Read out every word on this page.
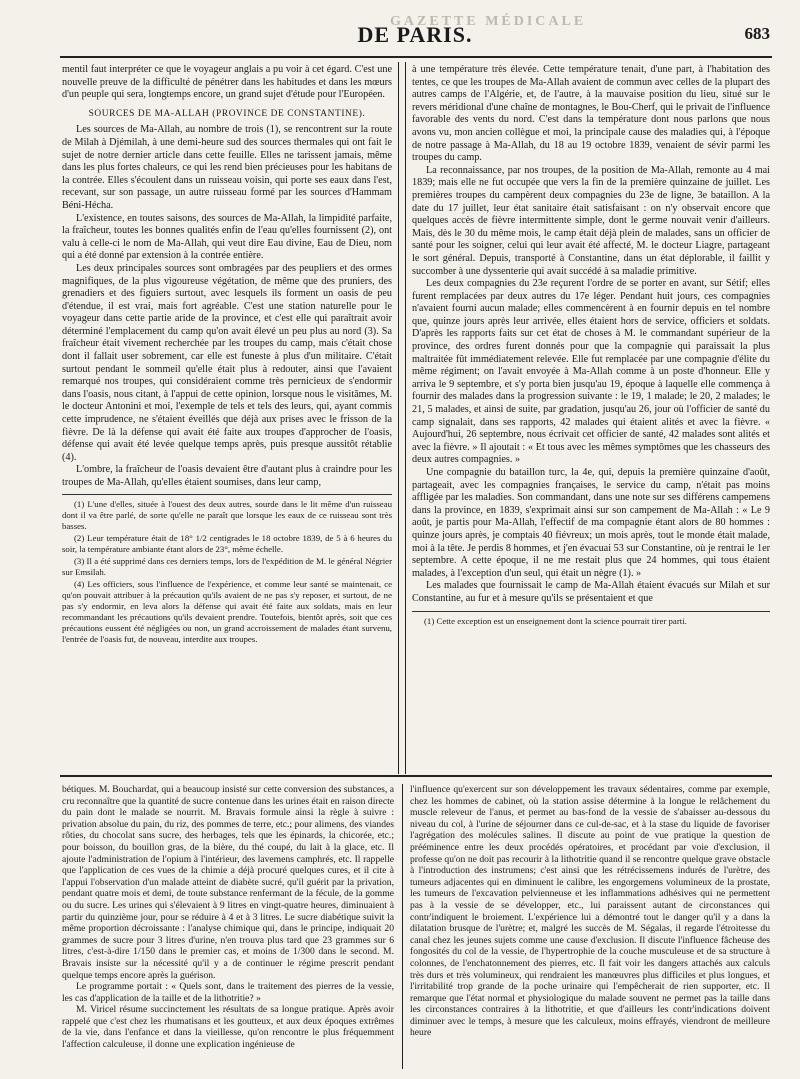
GAZETTE MÉDICALE
DE PARIS.	683

mentil faut interpréter ce que le voyageur anglais a pu voir à cet égard. C'est une nouvelle preuve de la difficulté de pénétrer dans les habitudes et dans les mœurs d'un peuple qui sera, longtemps encore, un grand sujet d'étude pour l'Européen.

SOURCES DE MA-ALLAH (PROVINCE DE CONSTANTINE).

Les sources de Ma-Allah, au nombre de trois (1), se rencontrent sur la route de Milah à Djémilah, à une demi-heure sud des sources thermales qui ont fait le sujet de notre dernier article dans cette feuille. Elles ne tarissent jamais, même dans les plus fortes chaleurs, ce qui les rend bien précieuses pour les habitans de la contrée. Elles s'écoulent dans un ruisseau voisin, qui porte ses eaux dans l'est, recevant, sur son passage, un autre ruisseau formé par les sources d'Hammam Béni-Hécha.

L'existence, en toutes saisons, des sources de Ma-Allah, la limpidité parfaite, la fraîcheur, toutes les bonnes qualités enfin de l'eau qu'elles fournissent (2), ont valu à celle-ci le nom de Ma-Allah, qui veut dire Eau divine, Eau de Dieu, nom qui a été donné par extension à la contrée entière.

Les deux principales sources sont ombragées par des peupliers et des ormes magnifiques, de la plus vigoureuse végétation, de même que des pruniers, des grenadiers et des figuiers surtout, avec lesquels ils forment un oasis de peu d'étendue, il est vrai, mais fort agréable. C'est une station naturelle pour le voyageur dans cette partie aride de la province, et c'est elle qui paraîtrait avoir déterminé l'emplacement du camp qu'on avait élevé un peu plus au nord (3). Sa fraîcheur était vivement recherchée par les troupes du camp, mais c'était chose dont il fallait user sobrement, car elle est funeste à plus d'un militaire. C'était surtout pendant le sommeil qu'elle était plus à redouter, ainsi que l'avaient remarqué nos troupes, qui considéraient comme très pernicieux de s'endormir dans l'oasis, nous citant, à l'appui de cette opinion, lorsque nous le visitâmes, M. le docteur Antonini et moi, l'exemple de tels et tels des leurs, qui, ayant commis cette imprudence, ne s'étaient éveillés que déjà aux prises avec le frisson de la fièvre. De là la défense qui avait été faite aux troupes d'approcher de l'oasis, défense qui avait été levée quelque temps après, puis presque aussitôt rétablie (4).

L'ombre, la fraîcheur de l'oasis devaient être d'autant plus à craindre pour les troupes de Ma-Allah, qu'elles étaient soumises, dans leur camp,

(1) L'une d'elles, située à l'ouest des deux autres, sourde dans le lit même d'un ruisseau dont il va être parlé, de sorte qu'elle ne paraît que lorsque les eaux de ce ruisseau sont très basses.

(2) Leur température était de 18° 1/2 centigrades le 18 octobre 1839, de 5 à 6 heures du soir, la température ambiante étant alors de 23°, même échelle.

(3) Il a été supprimé dans ces derniers temps, lors de l'expédition de M. le général Négrier sur Emsilah.

(4) Les officiers, sous l'influence de l'expérience, et comme leur santé se maintenait, ce qu'on pouvait attribuer à la précaution qu'ils avaient de ne pas s'y reposer, et surtout, de ne pas s'y endormir, en leva alors la défense qui avait été faite aux soldats, mais en leur recommandant les précautions qu'ils devaient prendre. Toutefois, bientôt après, soit que ces précautions eussent été négligées ou non, un grand accroissement de malades étant survenu, l'entrée de l'oasis fut, de nouveau, interdite aux troupes.

à une température très élevée. Cette température tenait, d'une part, à l'habitation des tentes, ce que les troupes de Ma-Allah avaient de commun avec celles de la plupart des autres camps de l'Algérie, et, de l'autre, à la mauvaise position du lieu, situé sur le revers méridional d'une chaîne de montagnes, le Bou-Cherf, qui le privait de l'influence favorable des vents du nord. C'est dans la température dont nous parlons que nous avons vu, mon ancien collègue et moi, la principale cause des maladies qui, à l'époque de notre passage à Ma-Allah, du 18 au 19 octobre 1839, venaient de sévir parmi les troupes du camp.

La reconnaissance, par nos troupes, de la position de Ma-Allah, remonte au 4 mai 1839; mais elle ne fut occupée que vers la fin de la première quinzaine de juillet. Les premières troupes du campèrent deux compagnies du 23e de ligne, 3e bataillon. A la date du 17 juillet, leur état sanitaire était satisfaisant : on n'y observait encore que quelques accès de fièvre intermittente simple, dont le germe nouvait venir d'ailleurs. Mais, dès le 30 du même mois, le camp était déjà plein de malades, sans un officier de santé pour les soigner, celui qui leur avait été affecté, M. le docteur Liagre, partageant le sort général. Depuis, transporté à Constantine, dans un état déplorable, il faillit y succomber à une dyssenterie qui avait succédé à sa maladie primitive.

Les deux compagnies du 23e reçurent l'ordre de se porter en avant, sur Sétif; elles furent remplacées par deux autres du 17e léger. Pendant huit jours, ces compagnies n'avaient fourni aucun malade; elles commencèrent à en fournir depuis en tel nombre que, quinze jours après leur arrivée, elles étaient hors de service, officiers et soldats. D'après les rapports faits sur cet état de choses à M. le commandant supérieur de la province, des ordres furent donnés pour que la compagnie qui paraissait la plus maltraitée fût immédiatement relevée. Elle fut remplacée par une compagnie d'élite du même régiment; on l'avait envoyée à Ma-Allah comme à un poste d'honneur. Elle y arriva le 9 septembre, et s'y porta bien jusqu'au 19, époque à laquelle elle commença à fournir des malades dans la progression suivante : le 19, 1 malade; le 20, 2 malades; le 21, 5 malades, et ainsi de suite, par gradation, jusqu'au 26, jour où l'officier de santé du camp signalait, dans ses rapports, 42 malades qui étaient alités et avec la fièvre. « Aujourd'hui, 26 septembre, nous écrivait cet officier de santé, 42 malades sont alités et avec la fièvre. » Il ajoutait : « Et tous avec les mêmes symptômes que les chasseurs des deux autres compagnies. »

Une compagnie du bataillon turc, la 4e, qui, depuis la première quinzaine d'août, partageait, avec les compagnies françaises, le service du camp, n'était pas moins affligée par les maladies. Son commandant, dans une note sur ses différens campemens dans la province, en 1839, s'exprimait ainsi sur son campement de Ma-Allah : « Le 9 août, je partis pour Ma-Allah, l'effectif de ma compagnie étant alors de 80 hommes : quinze jours après, je comptais 40 fiévreux; un mois après, tout le monde était malade, moi à la tête. Je perdis 8 hommes, et j'en évacuai 53 sur Constantine, où je rentrai le 1er septembre. A cette époque, il ne me restait plus que 24 hommes, qui tous étaient malades, à l'exception d'un seul, qui était un nègre (1). »

Les malades que fournissait le camp de Ma-Allah étaient évacués sur Milah et sur Constantine, au fur et à mesure qu'ils se présentaient et que

(1) Cette exception est un enseignement dont la science pourrait tirer parti.

bétiques. M. Bouchardat, qui a beaucoup insisté sur cette conversion des substances, a cru reconnaître que la quantité de sucre contenue dans les urines était en raison directe du pain dont le malade se nourrit. M. Bravais formule ainsi la règle à suivre : privation absolue du pain, du riz, des pommes de terre, etc.; pour alimens, des viandes rôties, du chocolat sans sucre, des herbages, tels que les épinards, la chicorée, etc.; pour boisson, du bouillon gras, de la bière, du thé coupé, du lait à la glace, etc. Il ajoute l'administration de l'opium à l'intérieur, des lavemens camphrés, etc. Il rappelle que l'application de ces vues de la chimie a déjà procuré quelques cures, et il cite à l'appui l'observation d'un malade atteint de diabète sucré, qu'il guérit par la privation, pendant quatre mois et demi, de toute substance renfermant de la fécule, de la gomme ou du sucre. Les urines qui s'élevaient à 9 litres en vingt-quatre heures, diminuaient à partir du quinzième jour, pour se réduire à 4 et à 3 litres. Le sucre diabétique suivit la même proportion décroissante : l'analyse chimique qui, dans le principe, indiquait 20 grammes de sucre pour 3 litres d'urine, n'en trouva plus tard que 23 grammes sur 6 litres, c'est-à-dire 1/150 dans le premier cas, et moins de 1/300 dans le second. M. Bravais insiste sur la nécessité qu'il y a de continuer le régime prescrit pendant quelque temps encore après la guérison.

Le programme portait : « Quels sont, dans le traitement des pierres de la vessie, les cas d'application de la taille et de la lithotritie? »

M. Viricel résume succinctement les résultats de sa longue pratique. Après avoir rappelé que c'est chez les rhumatisans et les goutteux, et aux deux époques extrêmes de la vie, dans l'enfance et dans la vieillesse, qu'on rencontre le plus fréquemment l'affection calculeuse, il donne une explication ingénieuse de

l'influence qu'exercent sur son développement les travaux sédentaires, comme par exemple, chez les hommes de cabinet, où la station assise détermine à la longue le relâchement du muscle releveur de l'anus, et permet au bas-fond de la vessie de s'abaisser au-dessous du niveau du col, à l'urine de séjourner dans ce cul-de-sac, et à la stase du liquide de favoriser l'agrégation des molécules salines. Il discute au point de vue pratique la question de prééminence entre les deux procédés opératoires, et procédant par voie d'exclusion, il professe qu'on ne doit pas recourir à la lithotritie quand il se rencontre quelque grave obstacle à l'introduction des instrumens; c'est ainsi que les rétrécissemens indurés de l'urètre, des tumeurs adjacentes qui en diminuent le calibre, les engorgemens volumineux de la prostate, les tumeurs de l'excavation pelvienneuse et les inflammations adhésives qui ne permettent pas à la vessie de se développer, etc., lui paraissent autant de circonstances qui contr'indiquent le broiement. L'expérience lui a démontré tout le danger qu'il y a dans la dilatation brusque de l'urètre; et, malgré les succès de M. Ségalas, il regarde l'étroitesse du canal chez les jeunes sujets comme une cause d'exclusion. Il discute l'influence fâcheuse des fongosités du col de la vessie, de l'hypertrophie de la couche musculeuse et de sa structure à colonnes, de l'enchatonnement des pierres, etc. Il fait voir les dangers attachés aux calculs très durs et très volumineux, qui rendraient les manœuvres plus difficiles et plus longues, et l'irritabilité trop grande de la poche urinaire qui l'empêcherait de rien supporter, etc. Il remarque que l'état normal et physiologique du malade souvent ne permet pas la taille dans les circonstances contraires à la lithotritie, et que d'ailleurs les contr'indications doivent diminuer avec le temps, à mesure que les calculeux, moins effrayés, viendront de meilleure heure
